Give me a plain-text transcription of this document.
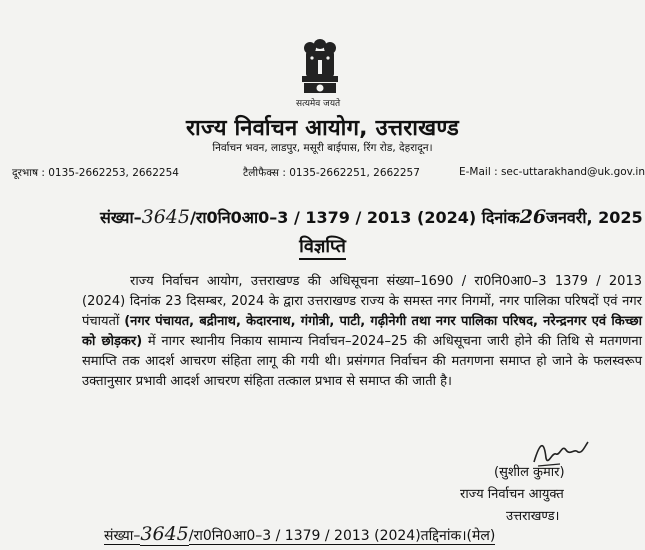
सत्यमेव जयते
राज्य निर्वाचन आयोग, उत्तराखण्ड
निर्वाचन भवन, लाडपुर, मसूरी बाईपास, रिंग रोड, देहरादून।
दूरभाष : 0135-2662253, 2662254	टैलीफैक्स : 0135-2662251, 2662257	E-Mail : sec-uttarakhand@uk.gov.in
संख्या–3645/रा0नि0आ0–3 / 1379 / 2013 (2024) दिनांक26जनवरी, 2025
विज्ञप्ति

राज्य निर्वाचन आयोग, उत्तराखण्ड की अधिसूचना संख्या–1690 / रा0नि0आ0–3 1379 / 2013 (2024) दिनांक 23 दिसम्बर, 2024 के द्वारा उत्तराखण्ड राज्य के समस्त नगर निगमों, नगर पालिका परिषदों एवं नगर पंचायतों (नगर पंचायत, बद्रीनाथ, केदारनाथ, गंगोत्री, पाटी, गढ़ीनेगी तथा नगर पालिका परिषद, नरेन्द्रनगर एवं किच्छा को छोड़कर) में नागर स्थानीय निकाय सामान्य निर्वाचन–2024–25 की अधिसूचना जारी होने की तिथि से मतगणना समाप्ति तक आदर्श आचरण संहिता लागू की गयी थी। प्रसंगगत निर्वाचन की मतगणना समाप्त हो जाने के फलस्वरूप उक्तानुसार प्रभावी आदर्श आचरण संहिता तत्काल प्रभाव से समाप्त की जाती है।

(सुशील कुमार)
राज्य निर्वाचन आयुक्त
उत्तराखण्ड।
संख्या–3645/रा0नि0आ0–3 / 1379 / 2013 (2024)तद्दिनांक।(मेल)
